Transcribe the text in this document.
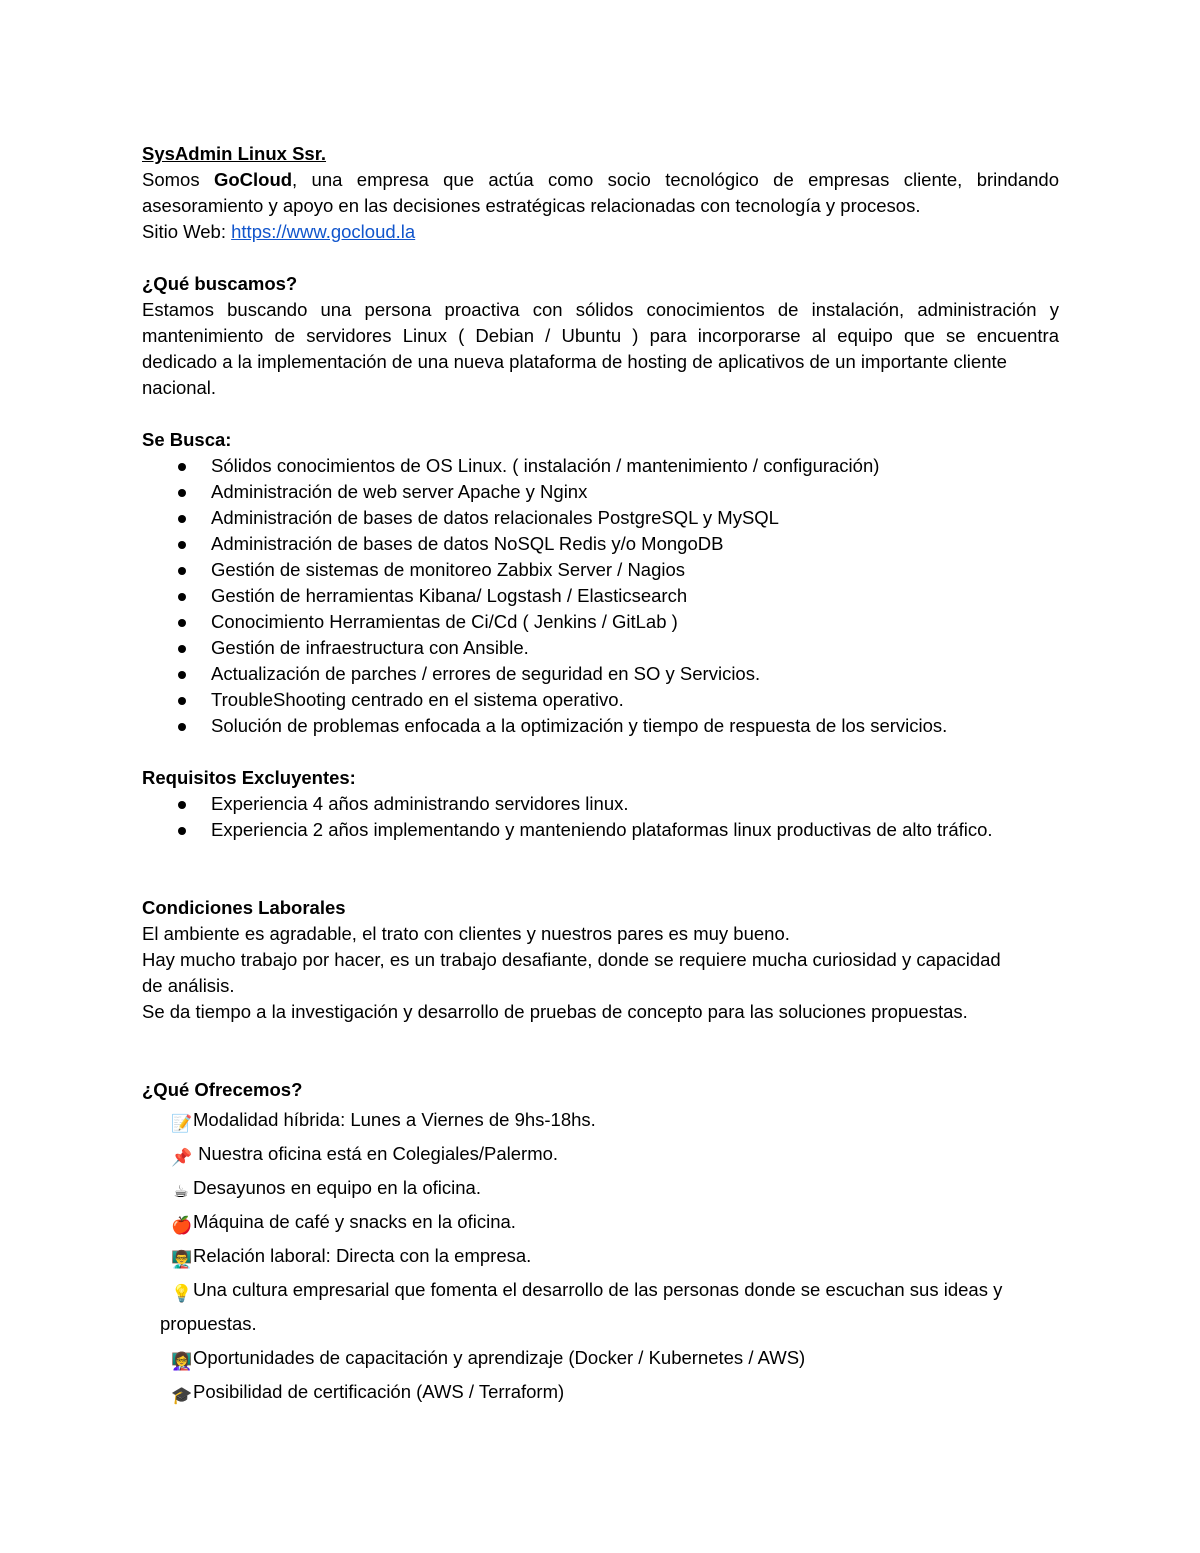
SysAdmin Linux Ssr.
Somos GoCloud, una empresa que actúa como socio tecnológico de empresas cliente, brindando
asesoramiento y apoyo en las decisiones estratégicas relacionadas con tecnología y procesos.
Sitio Web: https://www.gocloud.la
¿Qué buscamos?
Estamos buscando una persona proactiva con sólidos conocimientos de instalación, administración y
mantenimiento de servidores Linux ( Debian / Ubuntu ) para incorporarse al equipo que se encuentra
dedicado a la implementación de una nueva plataforma de hosting de aplicativos de un importante cliente
nacional.
Se Busca:
Sólidos conocimientos de OS Linux. ( instalación / mantenimiento / configuración)
Administración de web server Apache y Nginx
Administración de bases de datos relacionales PostgreSQL y MySQL
Administración de bases de datos NoSQL Redis y/o MongoDB
Gestión de sistemas de monitoreo Zabbix Server / Nagios
Gestión de herramientas Kibana/ Logstash / Elasticsearch
Conocimiento Herramientas de Ci/Cd ( Jenkins / GitLab )
Gestión de infraestructura con Ansible.
Actualización de parches / errores de seguridad en SO y Servicios.
TroubleShooting centrado en el sistema operativo.
Solución de problemas enfocada a la optimización y tiempo de respuesta de los servicios.
Requisitos Excluyentes:
Experiencia 4 años administrando servidores linux.
Experiencia 2 años implementando y manteniendo plataformas linux productivas de alto tráfico.
Condiciones Laborales
El ambiente es agradable, el trato con clientes y nuestros pares es muy bueno.
Hay mucho trabajo por hacer, es un trabajo desafiante, donde se requiere mucha curiosidad y capacidad
de análisis.
Se da tiempo a la investigación y desarrollo de pruebas de concepto para las soluciones propuestas.
¿Qué Ofrecemos?
📝Modalidad híbrida: Lunes a Viernes de 9hs-18hs.
📌 Nuestra oficina está en Colegiales/Palermo.
☕ Desayunos en equipo en la oficina.
🍎Máquina de café y snacks en la oficina.
👨‍🏫Relación laboral: Directa con la empresa.
💡Una cultura empresarial que fomenta el desarrollo de las personas donde se escuchan sus ideas y
propuestas.
👩‍🏫Oportunidades de capacitación y aprendizaje (Docker / Kubernetes / AWS)
🎓Posibilidad de certificación (AWS / Terraform)
